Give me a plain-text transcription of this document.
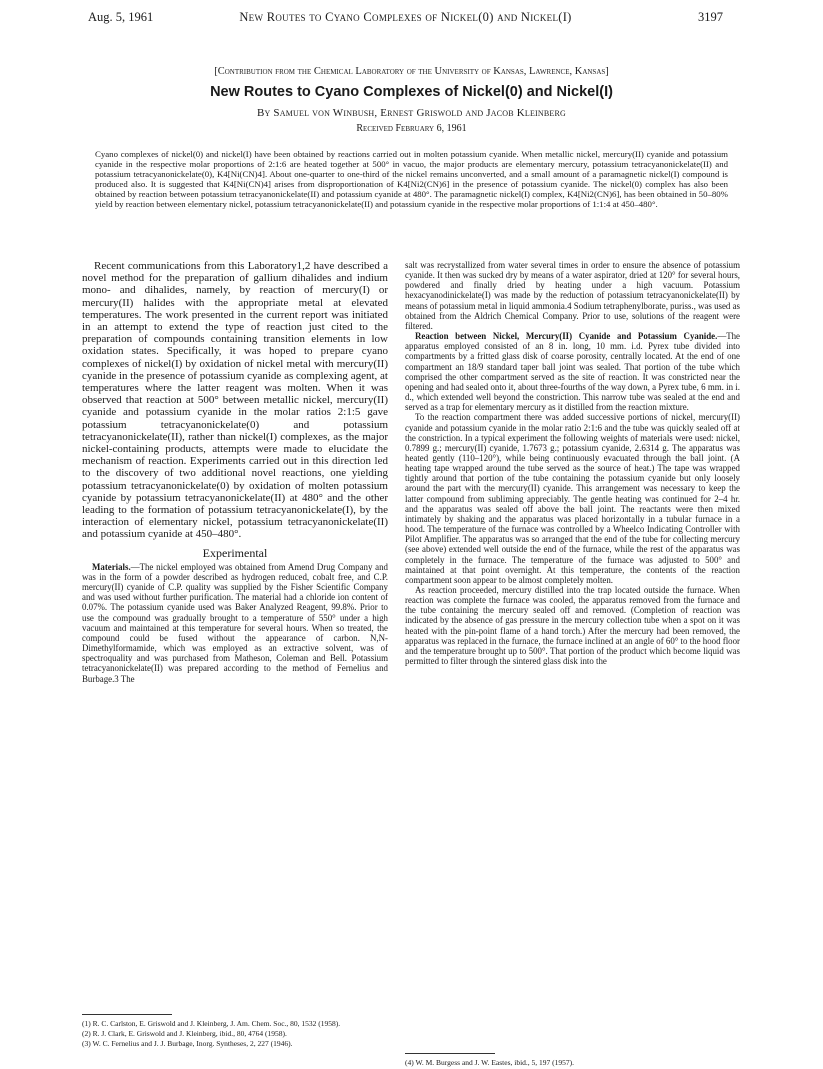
Aug. 5, 1961	New Routes to Cyano Complexes of Nickel(0) and Nickel(I)	3197
[Contribution from the Chemical Laboratory of the University of Kansas, Lawrence, Kansas]
New Routes to Cyano Complexes of Nickel(0) and Nickel(I)
By Samuel von Winbush, Ernest Griswold and Jacob Kleinberg
Received February 6, 1961
Cyano complexes of nickel(0) and nickel(I) have been obtained by reactions carried out in molten potassium cyanide. When metallic nickel, mercury(II) cyanide and potassium cyanide in the respective molar proportions of 2:1:6 are heated together at 500° in vacuo, the major products are elementary mercury, potassium tetracyanonickelate(II) and potassium tetracyanonickelate(0), K4[Ni(CN)4]. About one-quarter to one-third of the nickel remains unconverted, and a small amount of a paramagnetic nickel(I) compound is produced also. It is suggested that K4[Ni(CN)4] arises from disproportionation of K4[Ni2(CN)6] in the presence of potassium cyanide. The nickel(0) complex has also been obtained by reaction between potassium tetracyanonickelate(II) and potassium cyanide at 480°. The paramagnetic nickel(I) complex, K4[Ni2(CN)6], has been obtained in 50–80% yield by reaction between elementary nickel, potassium tetracyanonickelate(II) and potassium cyanide in the respective molar proportions of 1:1:4 at 450–480°.

Recent communications from this Laboratory1,2 have described a novel method for the preparation of gallium dihalides and indium mono- and dihalides, namely, by reaction of mercury(I) or mercury(II) halides with the appropriate metal at elevated temperatures. The work presented in the current report was initiated in an attempt to extend the type of reaction just cited to the preparation of compounds containing transition elements in low oxidation states. Specifically, it was hoped to prepare cyano complexes of nickel(I) by oxidation of nickel metal with mercury(II) cyanide in the presence of potassium cyanide as complexing agent, at temperatures where the latter reagent was molten. When it was observed that reaction at 500° between metallic nickel, mercury(II) cyanide and potassium cyanide in the molar ratios 2:1:5 gave potassium tetracyanonickelate(0) and potassium tetracyanonickelate(II), rather than nickel(I) complexes, as the major nickel-containing products, attempts were made to elucidate the mechanism of reaction. Experiments carried out in this direction led to the discovery of two additional novel reactions, one yielding potassium tetracyanonickelate(0) by oxidation of molten potassium cyanide by potassium tetracyanonickelate(II) at 480° and the other leading to the formation of potassium tetracyanonickelate(I), by the interaction of elementary nickel, potassium tetracyanonickelate(II) and potassium cyanide at 450–480°.

Experimental

Materials.—The nickel employed was obtained from Amend Drug Company and was in the form of a powder described as hydrogen reduced, cobalt free, and C.P. mercury(II) cyanide of C.P. quality was supplied by the Fisher Scientific Company and was used without further purification. The material had a chloride ion content of 0.07%. The potassium cyanide used was Baker Analyzed Reagent, 99.8%. Prior to use the compound was gradually brought to a temperature of 550° under a high vacuum and maintained at this temperature for several hours. When so treated, the compound could be fused without the appearance of carbon. N,N-Dimethylformamide, which was employed as an extractive solvent, was of spectroquality and was purchased from Matheson, Coleman and Bell. Potassium tetracyanonickelate(II) was prepared according to the method of Fernelius and Burbage.3 The

(1) R. C. Carlston, E. Griswold and J. Kleinberg, J. Am. Chem. Soc., 80, 1532 (1958).

(2) R. J. Clark, E. Griswold and J. Kleinberg, ibid., 80, 4764 (1958).

(3) W. C. Fernelius and J. J. Burbage, Inorg. Syntheses, 2, 227 (1946).

salt was recrystallized from water several times in order to ensure the absence of potassium cyanide. It then was sucked dry by means of a water aspirator, dried at 120° for several hours, powdered and finally dried by heating under a high vacuum. Potassium hexacyanodinickelate(I) was made by the reduction of potassium tetracyanonickelate(II) by means of potassium metal in liquid ammonia.4 Sodium tetraphenylborate, puriss., was used as obtained from the Aldrich Chemical Company. Prior to use, solutions of the reagent were filtered.

Reaction between Nickel, Mercury(II) Cyanide and Potassium Cyanide.—The apparatus employed consisted of an 8 in. long, 10 mm. i.d. Pyrex tube divided into compartments by a fritted glass disk of coarse porosity, centrally located. At the end of one compartment an 18/9 standard taper ball joint was sealed. That portion of the tube which comprised the other compartment served as the site of reaction. It was constricted near the opening and had sealed onto it, about three-fourths of the way down, a Pyrex tube, 6 mm. in i. d., which extended well beyond the constriction. This narrow tube was sealed at the end and served as a trap for elementary mercury as it distilled from the reaction mixture.

To the reaction compartment there was added successive portions of nickel, mercury(II) cyanide and potassium cyanide in the molar ratio 2:1:6 and the tube was quickly sealed off at the constriction. In a typical experiment the following weights of materials were used: nickel, 0.7899 g.; mercury(II) cyanide, 1.7673 g.; potassium cyanide, 2.6314 g. The apparatus was heated gently (110–120°), while being continuously evacuated through the ball joint. (A heating tape wrapped around the tube served as the source of heat.) The tape was wrapped tightly around that portion of the tube containing the potassium cyanide but only loosely around the part with the mercury(II) cyanide. This arrangement was necessary to keep the latter compound from subliming appreciably. The gentle heating was continued for 2–4 hr. and the apparatus was sealed off above the ball joint. The reactants were then mixed intimately by shaking and the apparatus was placed horizontally in a tubular furnace in a hood. The temperature of the furnace was controlled by a Wheelco Indicating Controller with Pilot Amplifier. The apparatus was so arranged that the end of the tube for collecting mercury (see above) extended well outside the end of the furnace, while the rest of the apparatus was completely in the furnace. The temperature of the furnace was adjusted to 500° and maintained at that point overnight. At this temperature, the contents of the reaction compartment soon appear to be almost completely molten.

As reaction proceeded, mercury distilled into the trap located outside the furnace. When reaction was complete the furnace was cooled, the apparatus removed from the furnace and the tube containing the mercury sealed off and removed. (Completion of reaction was indicated by the absence of gas pressure in the mercury collection tube when a spot on it was heated with the pin-point flame of a hand torch.) After the mercury had been removed, the apparatus was replaced in the furnace, the furnace inclined at an angle of 60° to the hood floor and the temperature brought up to 500°. That portion of the product which become liquid was permitted to filter through the sintered glass disk into the

(4) W. M. Burgess and J. W. Eastes, ibid., 5, 197 (1957).
